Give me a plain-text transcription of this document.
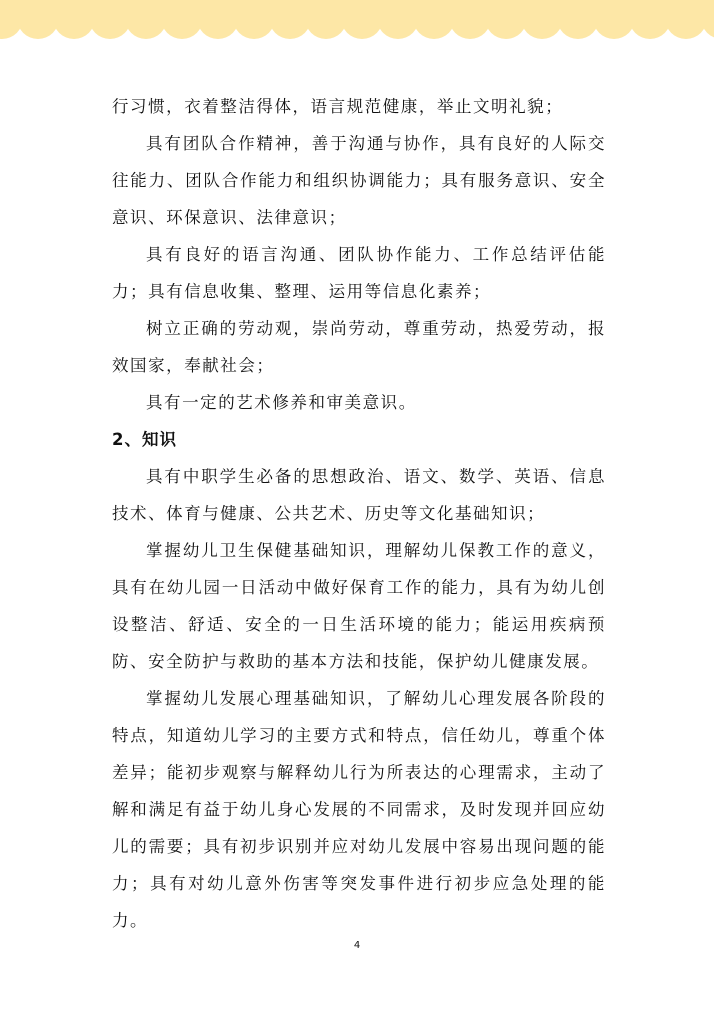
行习惯，衣着整洁得体，语言规范健康，举止文明礼貌；

具有团队合作精神，善于沟通与协作，具有良好的人际交往能力、团队合作能力和组织协调能力；具有服务意识、安全意识、环保意识、法律意识；

具有良好的语言沟通、团队协作能力、工作总结评估能力；具有信息收集、整理、运用等信息化素养；

树立正确的劳动观，崇尚劳动，尊重劳动，热爱劳动，报效国家，奉献社会；

具有一定的艺术修养和审美意识。

2、知识

具有中职学生必备的思想政治、语文、数学、英语、信息技术、体育与健康、公共艺术、历史等文化基础知识；

掌握幼儿卫生保健基础知识，理解幼儿保教工作的意义，具有在幼儿园一日活动中做好保育工作的能力，具有为幼儿创设整洁、舒适、安全的一日生活环境的能力；能运用疾病预防、安全防护与救助的基本方法和技能，保护幼儿健康发展。

掌握幼儿发展心理基础知识，了解幼儿心理发展各阶段的特点，知道幼儿学习的主要方式和特点，信任幼儿，尊重个体差异；能初步观察与解释幼儿行为所表达的心理需求，主动了解和满足有益于幼儿身心发展的不同需求，及时发现并回应幼儿的需要；具有初步识别并应对幼儿发展中容易出现问题的能力；具有对幼儿意外伤害等突发事件进行初步应急处理的能力。

4
